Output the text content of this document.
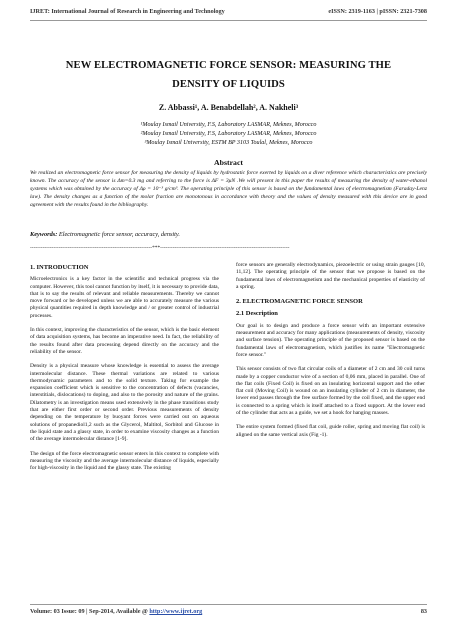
IJRET: International Journal of Research in Engineering and Technology	eISSN: 2319-1163 | pISSN: 2321-7308
NEW ELECTROMAGNETIC FORCE SENSOR: MEASURING THE
DENSITY OF LIQUIDS
Z. Abbassi¹, A. Benabdellah², A. Nakheli³
¹Moulay Ismail University, F.S, Laboratory LASMAR, Meknes, Morocco
²Moulay Ismail University, F.S, Laboratory LASMAR, Meknes, Morocco
³Moulay Ismail University, ESTM BP 3103 Toulal, Meknes, Morocco
Abstract
We realized an electromagnetic force sensor for measuring the density of liquids by hydrostatic force exerted by liquids on a diver reference which characteristics are precisely known. The accuracy of the sensor is Δm=0.3 mg and referring to the force is ΔF = 3μN .We will present in this paper the results of measuring the density of water-ethanol systems which was obtained by the accuracy of Δρ = 10⁻³ g/cm³. The operating principle of this sensor is based on the fundamental laws of electromagnetism (Faraday-Lenz law). The density changes as a function of the molar fraction are monotonous in accordance with theory and the values of density measured with this device are in good agreement with the results found in the bibliography.
Keywords: Electromagnetic force sensor, accuracy, density.
--------------------------------------------------------------------***------------------------------------------------------------------------
1. INTRODUCTION

Microelectronics is a key factor in the scientific and technical progress via the computer. However, this tool cannot function by itself, it is necessary to provide data, that is to say the results of relevant and reliable measurements. Thereby we cannot move forward or be developed unless we are able to accurately measure the various physical quantities required in depth knowledge and / or greater control of industrial processes.

In this context, improving the characteristics of the sensor, which is the basic element of data acquisition systems, has become an imperative need. In fact, the reliability of the results found after data processing depend directly on the accuracy and the reliability of the sensor.

Density is a physical measure whose knowledge is essential to assess the average intermolecular distance. These thermal variations are related to various thermodynamic parameters and to the solid texture. Taking for example the expansion coefficient which is sensitive to the concentration of defects (vacancies, interstitials, dislocations) to doping, and also to the porosity and nature of the grains. Dilatometry is an investigation means used extensively in the phase transitions study that are either first order or second order. Previous measurements of density depending on the temperature by buoyant forces were carried out on aqueous solutions of propanediol1,2 such as the Glycerol, Maltitol, Sorbitol and Glucose in the liquid state and a glassy state, in order to examine viscosity changes as a function of the average intermolecular distance [1-9].

The design of the force electromagnetic sensor enters in this context to complete with measuring the viscosity and the average intermolecular distance of liquids, especially for high-viscosity in the liquid and the glassy state. The existing

force sensors are generally electrodynamics, piezoelectric or using strain gauges [10, 11,12]. The operating principle of the sensor that we propose is based on the fundamental laws of electromagnetism and the mechanical properties of elasticity of a spring.

2. ELECTROMAGNETIC FORCE SENSOR
2.1 Description

Our goal is to design and produce a force sensor with an important extensive measurement and accuracy for many applications (measurements of density, viscosity and surface tension). The operating principle of the proposed sensor is based on the fundamental laws of electromagnetism, which justifies its name "Electromagnetic force sensor."

This sensor consists of two flat circular coils of a diameter of 2 cm and 30 coil turns made by a copper conductor wire of a section of 0,06 mm, placed in parallel. One of the flat coils (Fixed Coil) is fixed on an insulating horizontal support and the other flat coil (Moving Coil) is wound on an insulating cylinder of 2 cm in diameter, the lower end passes through the free surface formed by the coil fixed, and the upper end is connected to a spring which is itself attached to a fixed support. At the lower end of the cylinder that acts as a guide, we set a hook for hanging masses.

The entire system formed (fixed flat coil, guide roller, spring and moving flat coil) is aligned on the same vertical axis (Fig -1).

Volume: 03 Issue: 09 | Sep-2014, Available @ http://www.ijret.org	83
